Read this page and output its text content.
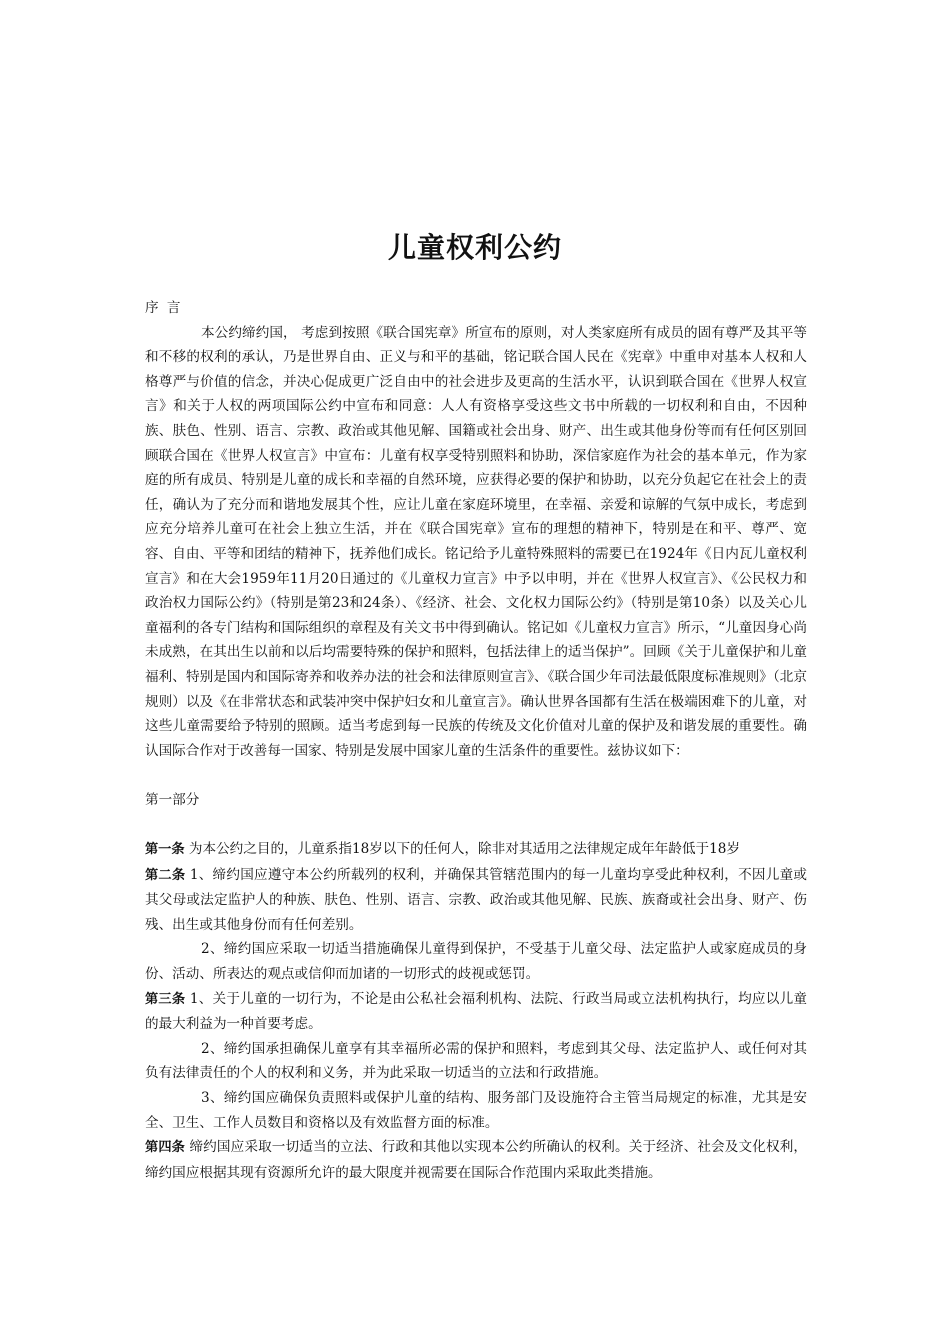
儿童权利公约

序 言

本公约缔约国， 考虑到按照《联合国宪章》所宣布的原则，对人类家庭所有成员的固有尊严及其平等和不移的权利的承认，乃是世界自由、正义与和平的基础，铭记联合国人民在《宪章》中重申对基本人权和人格尊严与价值的信念，并决心促成更广泛自由中的社会进步及更高的生活水平，认识到联合国在《世界人权宣言》和关于人权的两项国际公约中宣布和同意：人人有资格享受这些文书中所载的一切权利和自由，不因种族、肤色、性别、语言、宗教、政治或其他见解、国籍或社会出身、财产、出生或其他身份等而有任何区别回顾联合国在《世界人权宣言》中宣布：儿童有权享受特别照料和协助，深信家庭作为社会的基本单元，作为家庭的所有成员、特别是儿童的成长和幸福的自然环境，应获得必要的保护和协助，以充分负起它在社会上的责任，确认为了充分而和谐地发展其个性，应让儿童在家庭环境里，在幸福、亲爱和谅解的气氛中成长，考虑到应充分培养儿童可在社会上独立生活，并在《联合国宪章》宣布的理想的精神下，特别是在和平、尊严、宽容、自由、平等和团结的精神下，抚养他们成长。铭记给予儿童特殊照料的需要已在1924年《日内瓦儿童权利宣言》和在大会1959年11月20日通过的《儿童权力宣言》中予以申明，并在《世界人权宣言》、《公民权力和政治权力国际公约》（特别是第23和24条）、《经济、社会、文化权力国际公约》（特别是第10条）以及关心儿童福利的各专门结构和国际组织的章程及有关文书中得到确认。铭记如《儿童权力宣言》所示，“儿童因身心尚未成熟，在其出生以前和以后均需要特殊的保护和照料，包括法律上的适当保护”。回顾《关于儿童保护和儿童福利、特别是国内和国际寄养和收养办法的社会和法律原则宣言》、《联合国少年司法最低限度标准规则》（北京规则）以及《在非常状态和武装冲突中保护妇女和儿童宣言》。确认世界各国都有生活在极端困难下的儿童，对这些儿童需要给予特别的照顾。适当考虑到每一民族的传统及文化价值对儿童的保护及和谐发展的重要性。确认国际合作对于改善每一国家、特别是发展中国家儿童的生活条件的重要性。兹协议如下：

第一部分

第一条 为本公约之目的，儿童系指18岁以下的任何人，除非对其适用之法律规定成年年龄低于18岁

第二条 1、缔约国应遵守本公约所载列的权利，并确保其管辖范围内的每一儿童均享受此种权利，不因儿童或其父母或法定监护人的种族、肤色、性别、语言、宗教、政治或其他见解、民族、族裔或社会出身、财产、伤残、出生或其他身份而有任何差别。

2、缔约国应采取一切适当措施确保儿童得到保护，不受基于儿童父母、法定监护人或家庭成员的身份、活动、所表达的观点或信仰而加诸的一切形式的歧视或惩罚。

第三条 1、关于儿童的一切行为，不论是由公私社会福利机构、法院、行政当局或立法机构执行，均应以儿童的最大利益为一种首要考虑。

2、缔约国承担确保儿童享有其幸福所必需的保护和照料，考虑到其父母、法定监护人、或任何对其负有法律责任的个人的权利和义务，并为此采取一切适当的立法和行政措施。

3、缔约国应确保负责照料或保护儿童的结构、服务部门及设施符合主管当局规定的标准，尤其是安全、卫生、工作人员数目和资格以及有效监督方面的标准。

第四条 缔约国应采取一切适当的立法、行政和其他以实现本公约所确认的权利。关于经济、社会及文化权利，缔约国应根据其现有资源所允许的最大限度并视需要在国际合作范围内采取此类措施。
